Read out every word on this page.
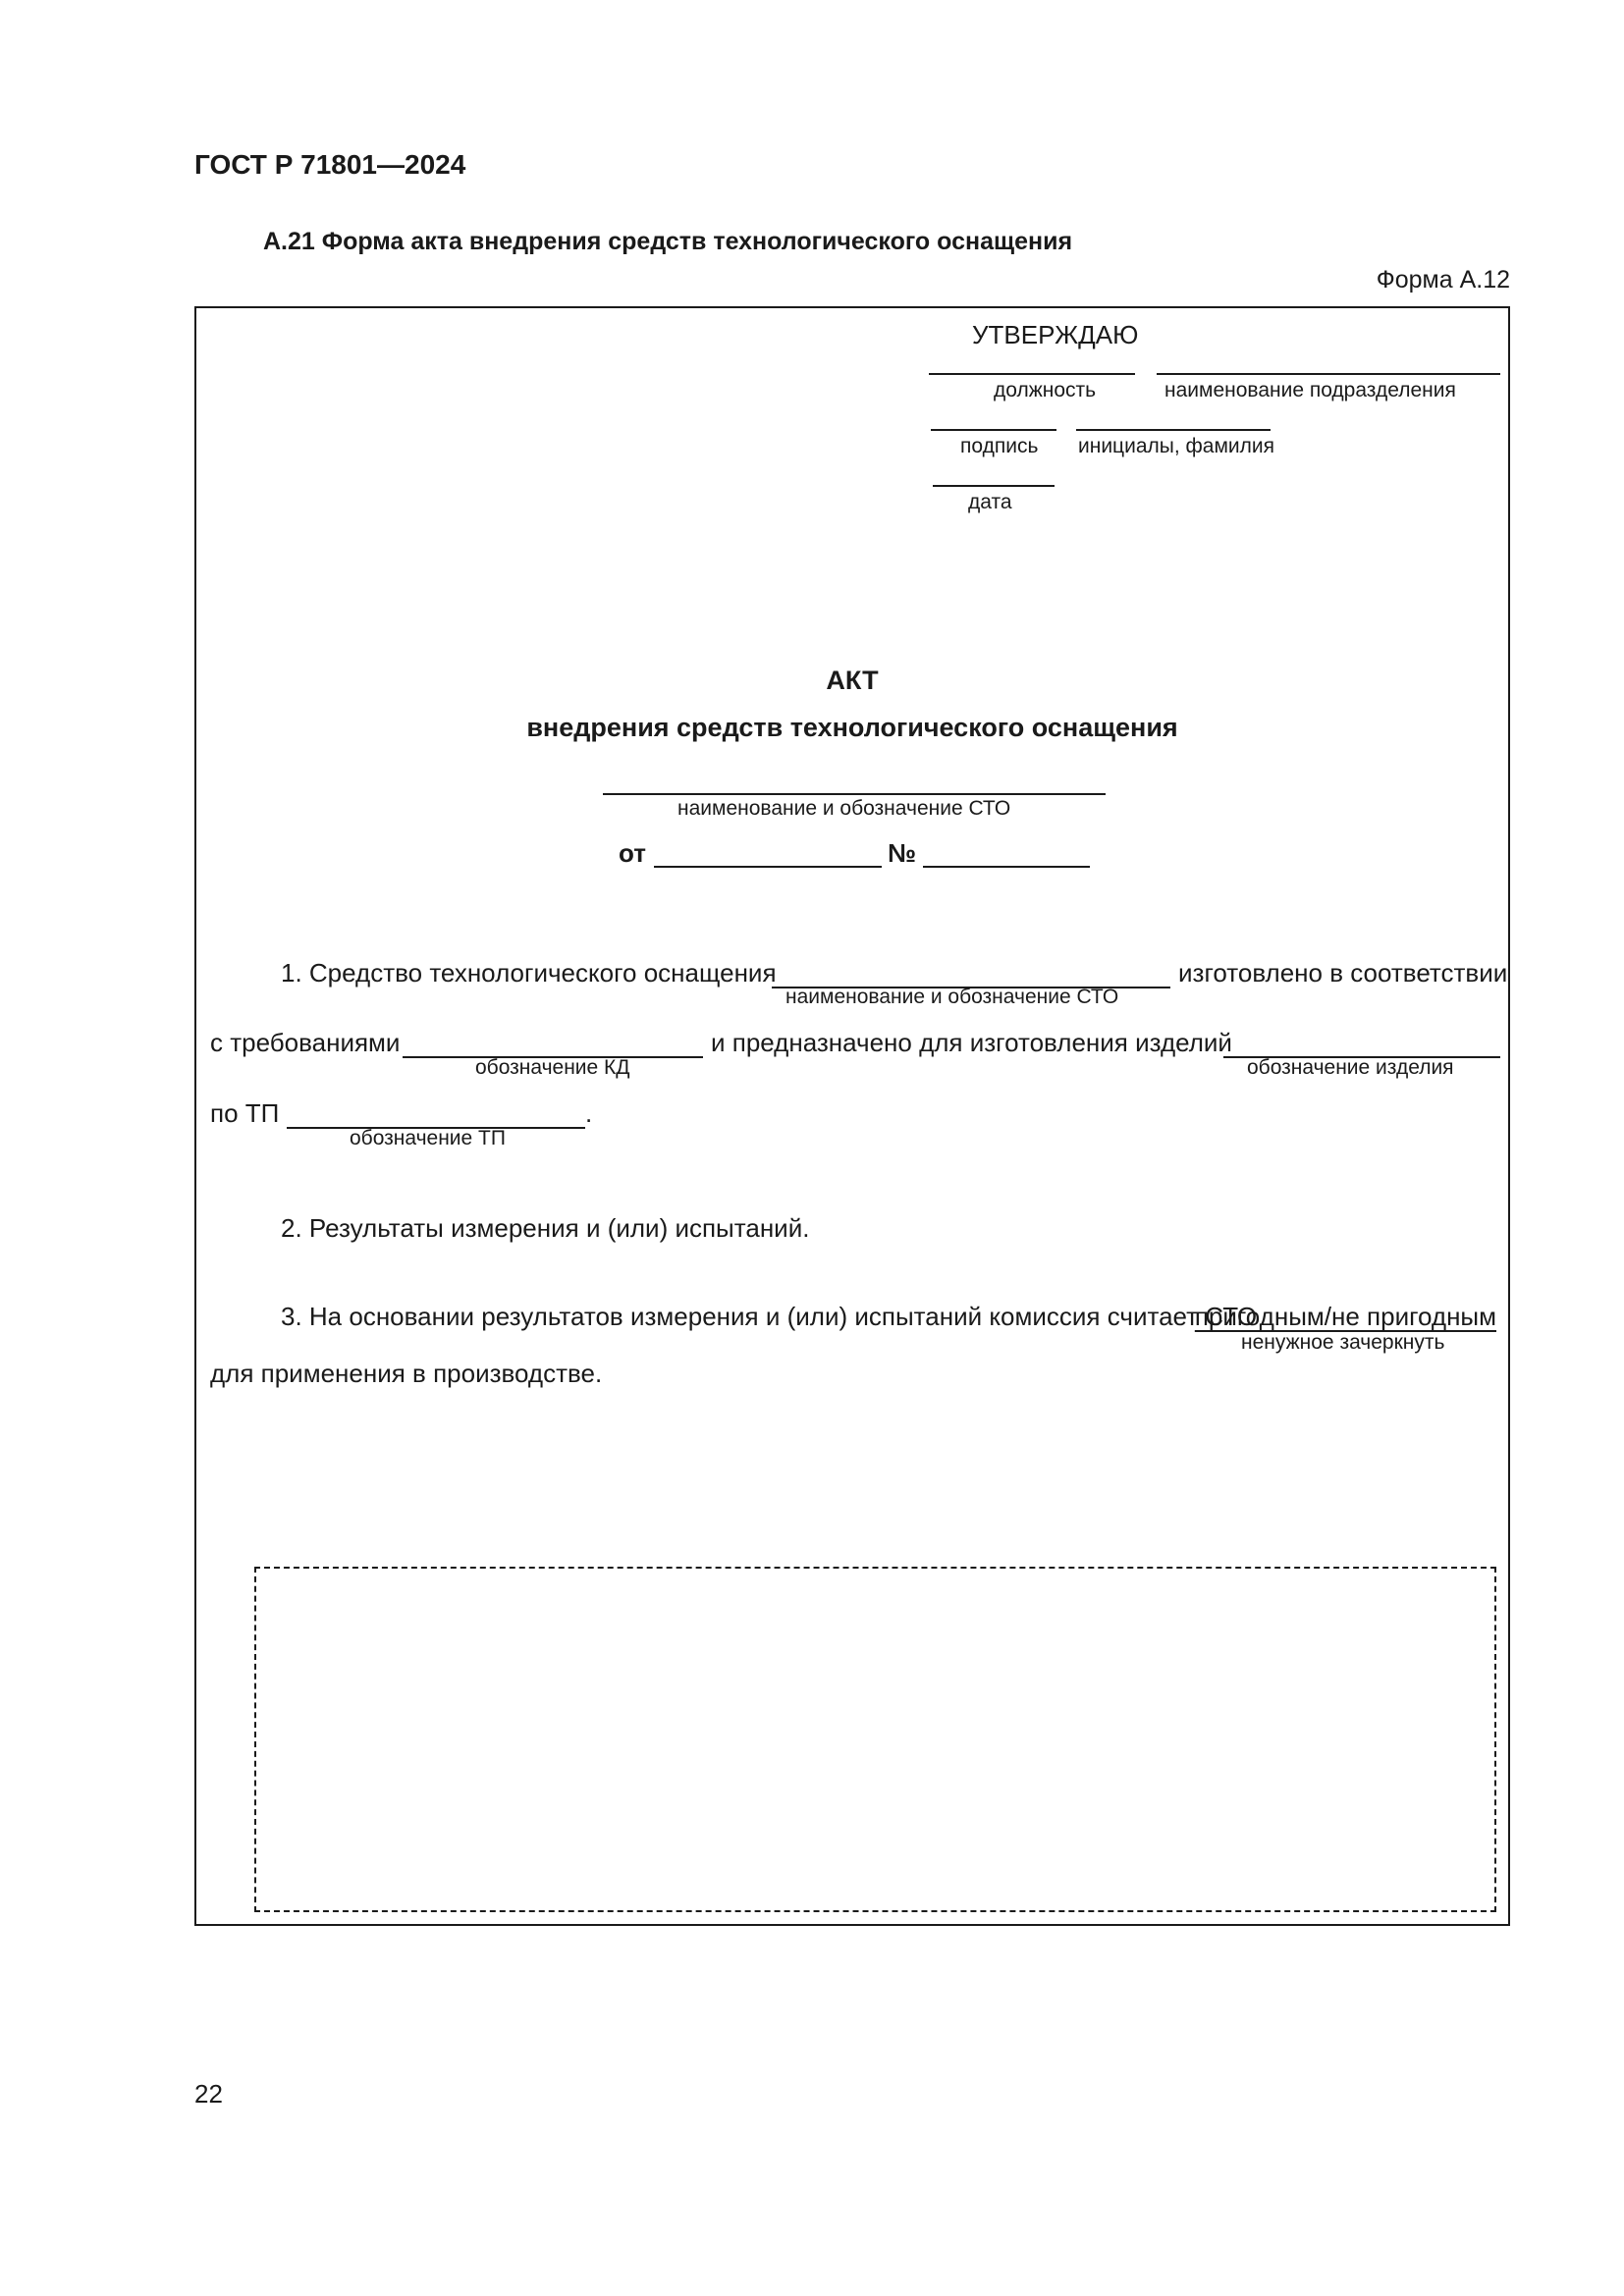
ГОСТ Р 71801—2024
А.21 Форма акта внедрения средств технологического оснащения
Форма А.12
УТВЕРЖДАЮ
должность	наименование подразделения
подпись инициалы, фамилия
дата
АКТ
внедрения средств технологического оснащения
наименование и обозначение СТО
от	№
1. Средство технологического оснащения	изготовлено в соответствии
наименование и обозначение СТО
с требованиями	и предназначено для изготовления изделий
обозначение КД	обозначение изделия
по ТП	.
обозначение ТП
2. Результаты измерения и (или) испытаний.
3. На основании результатов измерения и (или) испытаний комиссия считает СТО
пригодным/не пригодным
ненужное зачеркнуть
для применения в производстве.
22
